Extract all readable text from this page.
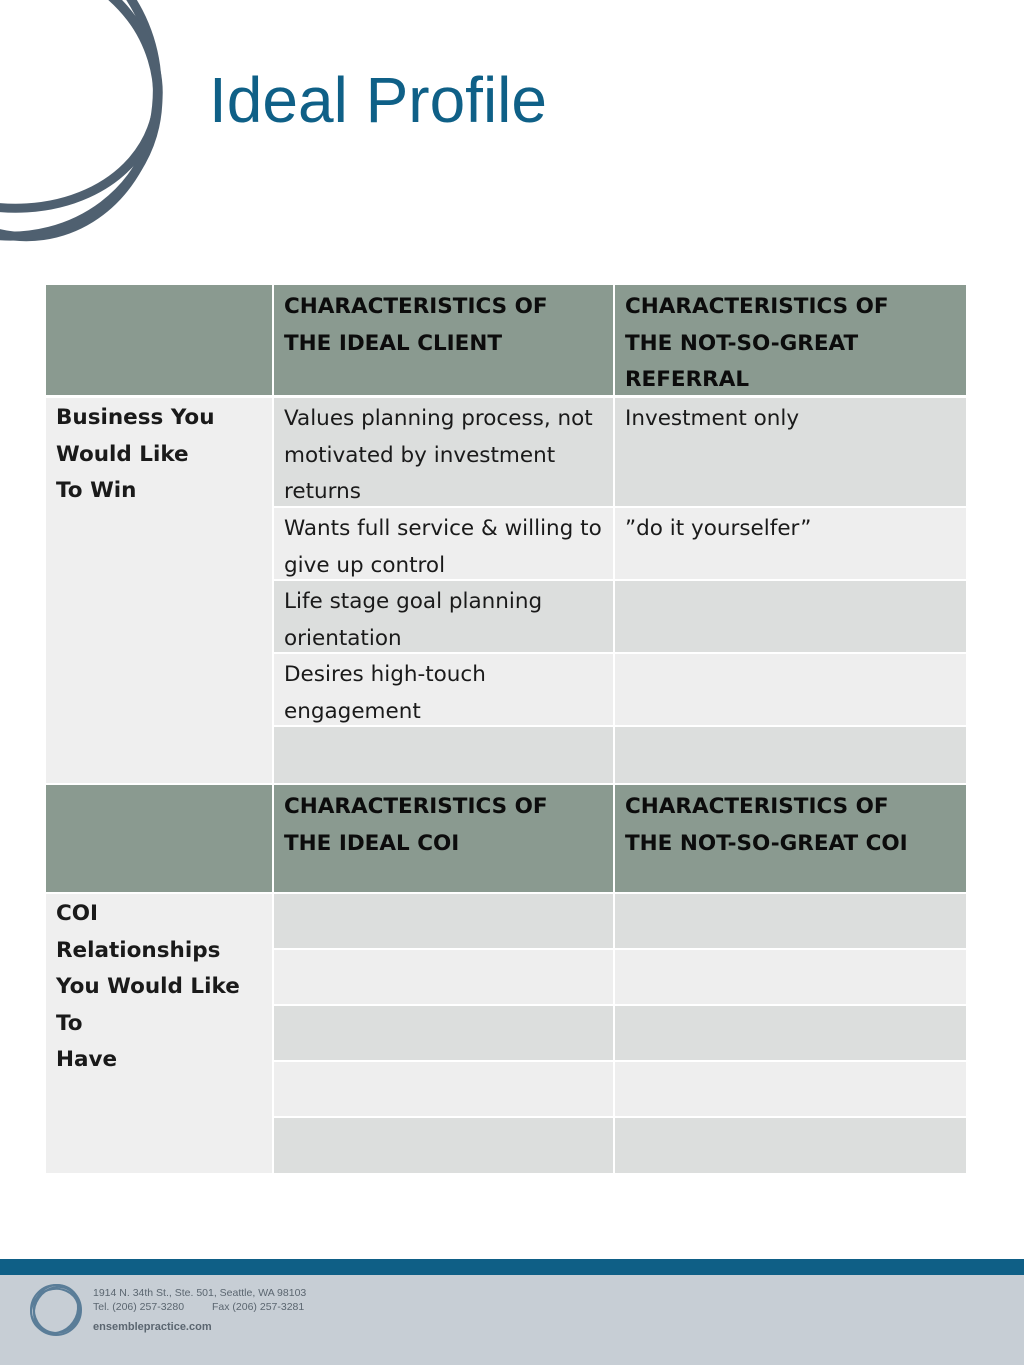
Ideal Profile
CHARACTERISTICS OF
THE IDEAL CLIENT
CHARACTERISTICS OF
THE NOT-SO-GREAT REFERRAL
Business You
Would Like
To Win
Values planning process, not motivated by investment returns
Investment only
Wants full service & willing to give up control
”do it yourselfer”
Life stage goal planning orientation
Desires high-touch engagement
CHARACTERISTICS OF
THE IDEAL COI
CHARACTERISTICS OF
THE NOT-SO-GREAT COI
COI Relationships
You Would Like To
Have
1914 N. 34th St., Ste. 501, Seattle, WA 98103
Tel. (206) 257-3280	Fax (206) 257-3281
ensemblepractice.com
